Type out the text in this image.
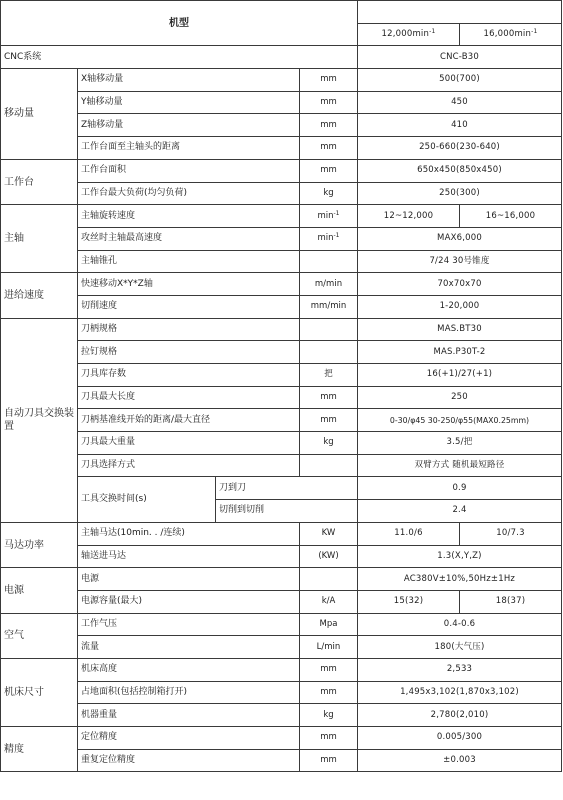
机型					
				$12,000\min^{-1}$	$16,000\min^{-1}$
CNC系统				CNC-B30	
移动量	X轴移动量		mm	500(700)	
	Y轴移动量		mm	450	
	Z轴移动量		mm	410	
	工作台面至主轴头的距离		mm	250-660(230-640)	
工作台	工作台面积		mm	650x450(850x450)	
	工作台最大负荷(均匀负荷)		kg	250(300)	
主轴	主轴旋转速度		$\min^{-1}$	12~12,000	16~16,000
	攻丝时主轴最高速度		$\min^{-1}$	MAX6,000	
	主轴锥孔			7/24 30号锥度	
进给速度	快速移动X*Y*Z轴		m/min	70x70x70	
	切削速度		mm/min	1-20,000	
自动刀具交换装置	刀柄规格			MAS.BT30	
	拉钉规格			MAS.P30T-2	
	刀具库存数		把	16(+1)/27(+1)	
	刀具最大长度		mm	250	
	刀柄基准线开始的距离/最大直径		mm	0-30/φ45 30-250/φ55(MAX0.25mm)	
	刀具最大重量		kg	3.5/把	
	刀具选择方式			双臂方式 随机最短路径	
	工具交换时间(s)	刀到刀		0.9	
		切削到切削		2.4	
马达功率	主轴马达(10min. . /连续)		KW	11.0/6	10/7.3
	轴送进马达		(KW)	1.3(X,Y,Z)	
电源	电源			AC380V±10%,50Hz±1Hz	
	电源容量(最大)		k/A	15(32)	18(37)
空气	工作气压		Mpa	0.4-0.6	
	流量		L/min	180(大气压)	
机床尺寸	机床高度		mm	2,533	
	占地面积(包括控制箱打开)		mm	1,495x3,102(1,870x3,102)	
	机器重量		kg	2,780(2,010)	
精度	定位精度		mm	0.005/300	
	重复定位精度		mm	±0.003	
